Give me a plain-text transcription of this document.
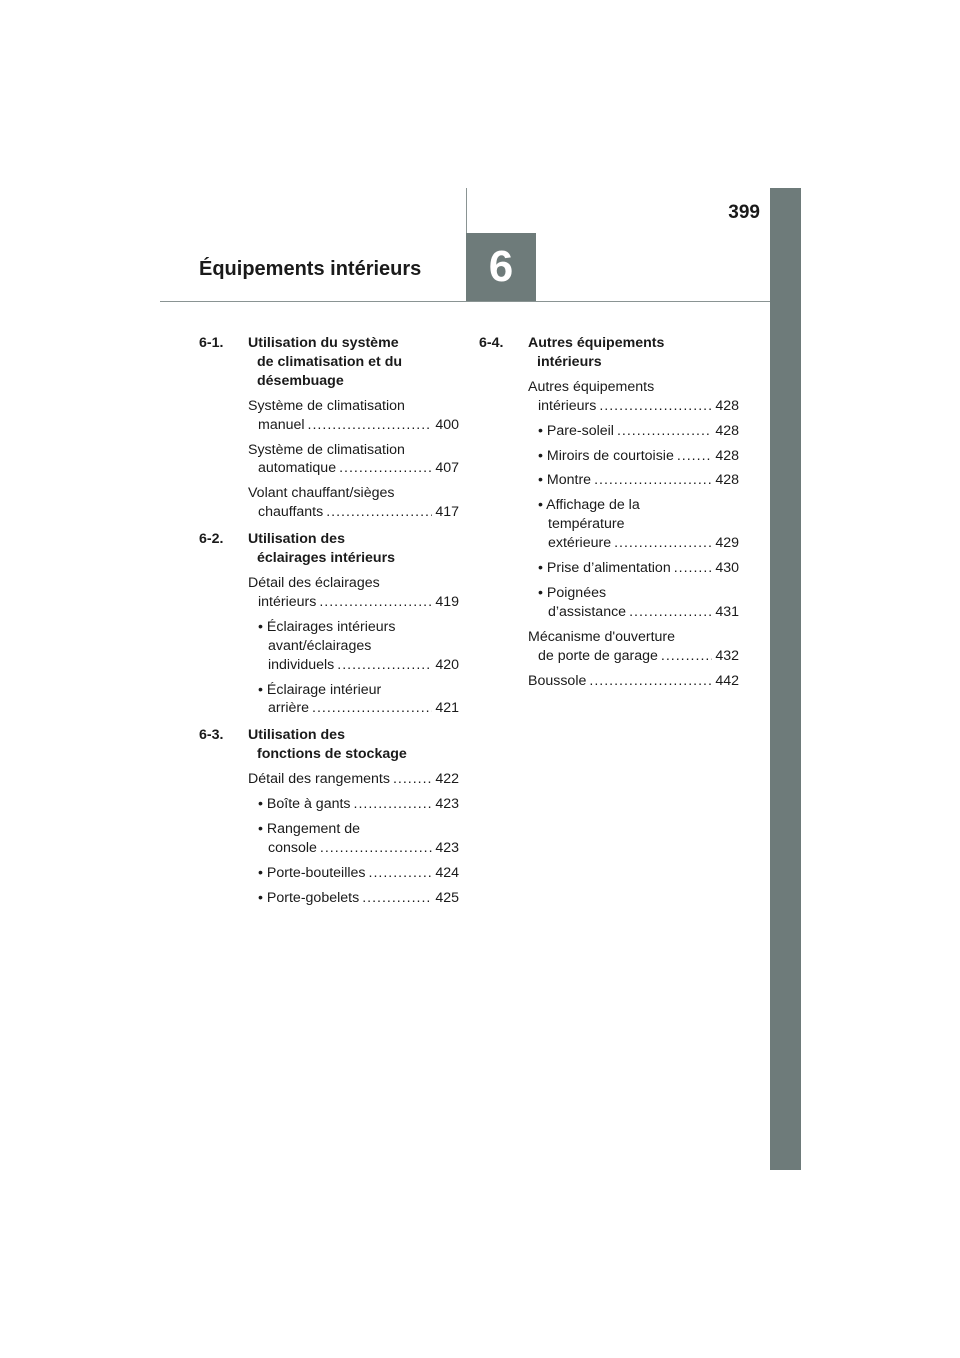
399
6
Équipements intérieurs
6-1.	Utilisation du système
de climatisation et du
désembuage
Système de climatisation
manuel .....	400
Système de climatisation
automatique .....	407
Volant chauffant/sièges
chauffants .....	417
6-2.	Utilisation des
éclairages intérieurs
Détail des éclairages
intérieurs .....	419
• Éclairages intérieurs
avant/éclairages
individuels .....	420
• Éclairage intérieur
arrière .....	421
6-3.	Utilisation des
fonctions de stockage
Détail des rangements .....	422
• Boîte à gants .....	423
• Rangement de
console .....	423
• Porte-bouteilles .....	424
• Porte-gobelets .....	425
6-4.	Autres équipements
intérieurs
Autres équipements
intérieurs .....	428
• Pare-soleil .....	428
• Miroirs de courtoisie .....	428
• Montre .....	428
• Affichage de la
température
extérieure .....	429
• Prise d’alimentation .....	430
• Poignées
d’assistance .....	431
Mécanisme d'ouverture
de porte de garage .....	432
Boussole .....	442
